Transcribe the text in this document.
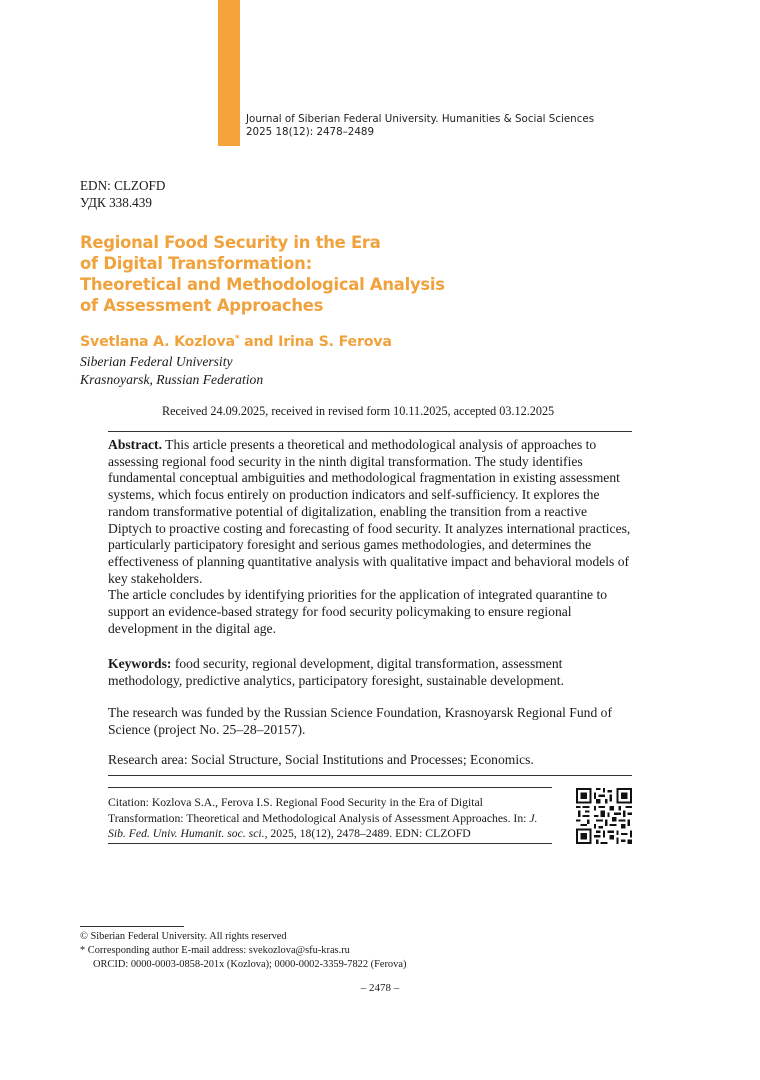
Journal of Siberian Federal University. Humanities & Social Sciences
2025 18(12): 2478–2489
EDN: CLZOFD
УДК 338.439
Regional Food Security in the Era
of Digital Transformation:
Theoretical and Methodological Analysis
of Assessment Approaches
Svetlana A. Kozlova* and Irina S. Ferova
Siberian Federal University
Krasnoyarsk, Russian Federation
Received 24.09.2025, received in revised form 10.11.2025, accepted 03.12.2025

Abstract. This article presents a theoretical and methodological analysis of approaches to assessing regional food security in the ninth digital transformation. The study identifies fundamental conceptual ambiguities and methodological fragmentation in existing assessment systems, which focus entirely on production indicators and self-sufficiency. It explores the random transformative potential of digitalization, enabling the transition from a reactive Diptych to proactive costing and forecasting of food security. It analyzes international practices, particularly participatory foresight and serious games methodologies, and determines the effectiveness of planning quantitative analysis with qualitative impact and behavioral models of key stakeholders.

The article concludes by identifying priorities for the application of integrated quarantine to support an evidence-based strategy for food security policymaking to ensure regional development in the digital age.

Keywords: food security, regional development, digital transformation, assessment methodology, predictive analytics, participatory foresight, sustainable development.
The research was funded by the Russian Science Foundation, Krasnoyarsk Regional Fund of Science (project No. 25–28–20157).
Research area: Social Structure, Social Institutions and Processes; Economics.
Citation: Kozlova S.A., Ferova I.S. Regional Food Security in the Era of Digital Transformation: Theoretical and Methodological Analysis of Assessment Approaches. In: J. Sib. Fed. Univ. Humanit. soc. sci., 2025, 18(12), 2478–2489. EDN: CLZOFD
© Siberian Federal University. All rights reserved
* Corresponding author E-mail address: svekozlova@sfu-kras.ru
ORCID: 0000-0003-0858-201x (Kozlova); 0000-0002-3359-7822 (Ferova)
– 2478 –
